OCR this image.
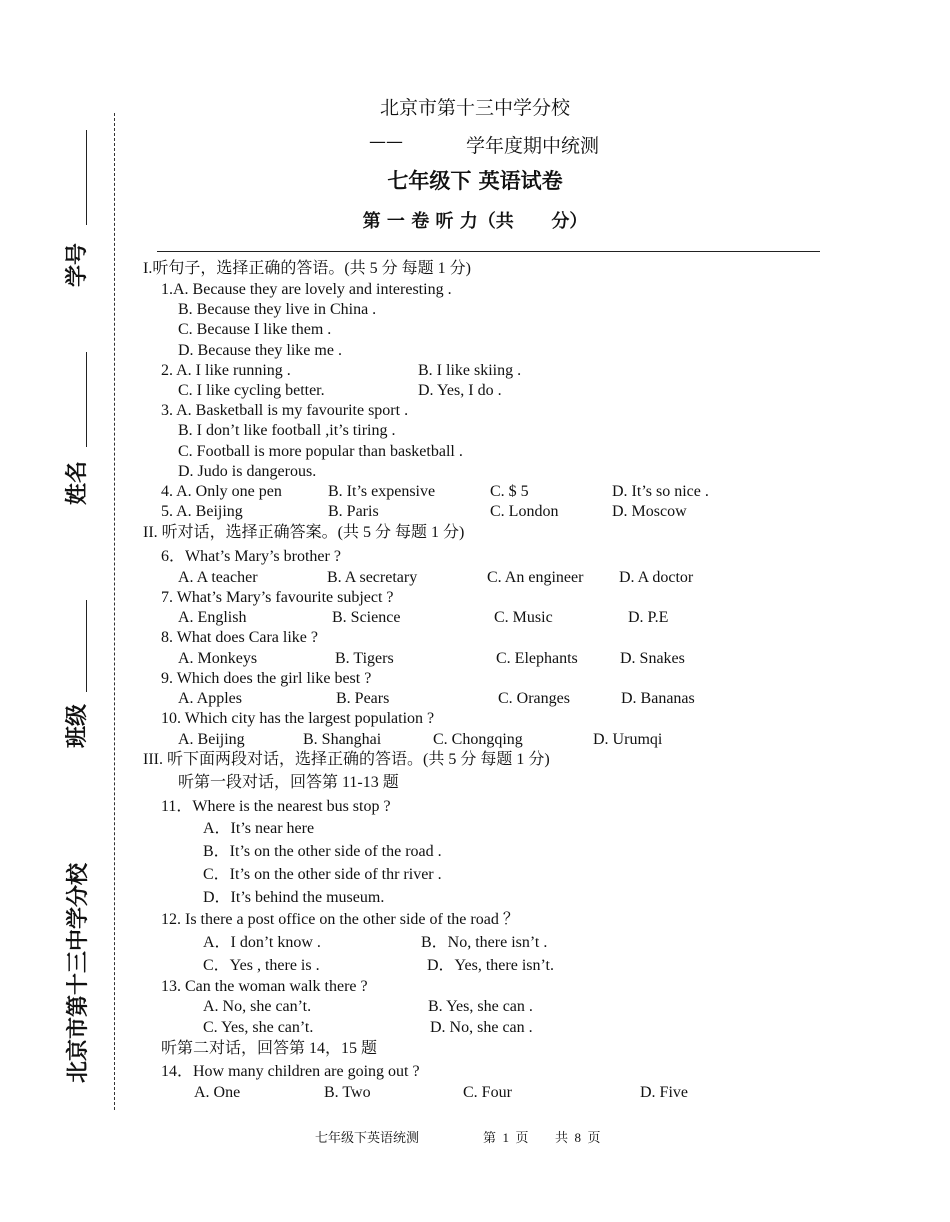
学号
姓名
班级
北京市第十三中学分校
北京市第十三中学分校
——	学年度期中统测
七年级下 英语试卷
第 一 卷 听 力（共      分）
I.听句子，选择正确的答语。(共 5 分 每题 1 分)
1.A. Because they are lovely and interesting .
B. Because they live in China .
C. Because I like them .
D. Because they like me .
2. A. I like running .	B. I like skiing .
C. I like cycling better.	D. Yes, I do .
3. A. Basketball is my favourite sport .
B. I don’t like football ,it’s tiring .
C. Football is more popular than basketball .
D. Judo is dangerous.
4. A. Only one pen	B. It’s expensive	C. $ 5	D. It’s so nice .
5. A. Beijing	B. Paris	C. London	D. Moscow
II. 听对话，选择正确答案。(共 5 分 每题 1 分)
6．What’s Mary’s brother ?
A. A teacher	B. A secretary	C. An engineer D. A doctor
7. What’s Mary’s favourite subject ?
A. English	B. Science	C. Music	D. P.E
8. What does Cara like ?
A. Monkeys	B. Tigers	C. Elephants	D. Snakes
9. Which does the girl like best ?
A. Apples	B. Pears	C. Oranges	D. Bananas
10. Which city has the largest population ?
A. Beijing	B. Shanghai	C. Chongqing	D. Urumqi
III. 听下面两段对话，选择正确的答语。(共 5 分 每题 1 分)
听第一段对话，回答第 11-13 题
11．Where is the nearest bus stop ?
A．It’s near here
B．It’s on the other side of the road .
C．It’s on the other side of thr river .
D．It’s behind the museum.
12. Is there a post office on the other side of the road ？
A．I don’t know .	B．No, there isn’t .
C．Yes , there is .	D．Yes, there isn’t.
13. Can the woman walk there ?
A. No, she can’t.	B. Yes, she can .
C. Yes, she can’t.	D. No, she can .
听第二对话，回答第 14，15 题
14．How many children are going out ?
A. One	B. Two	C. Four	D. Five
七年级下英语统测	第  1  页 共  8  页
